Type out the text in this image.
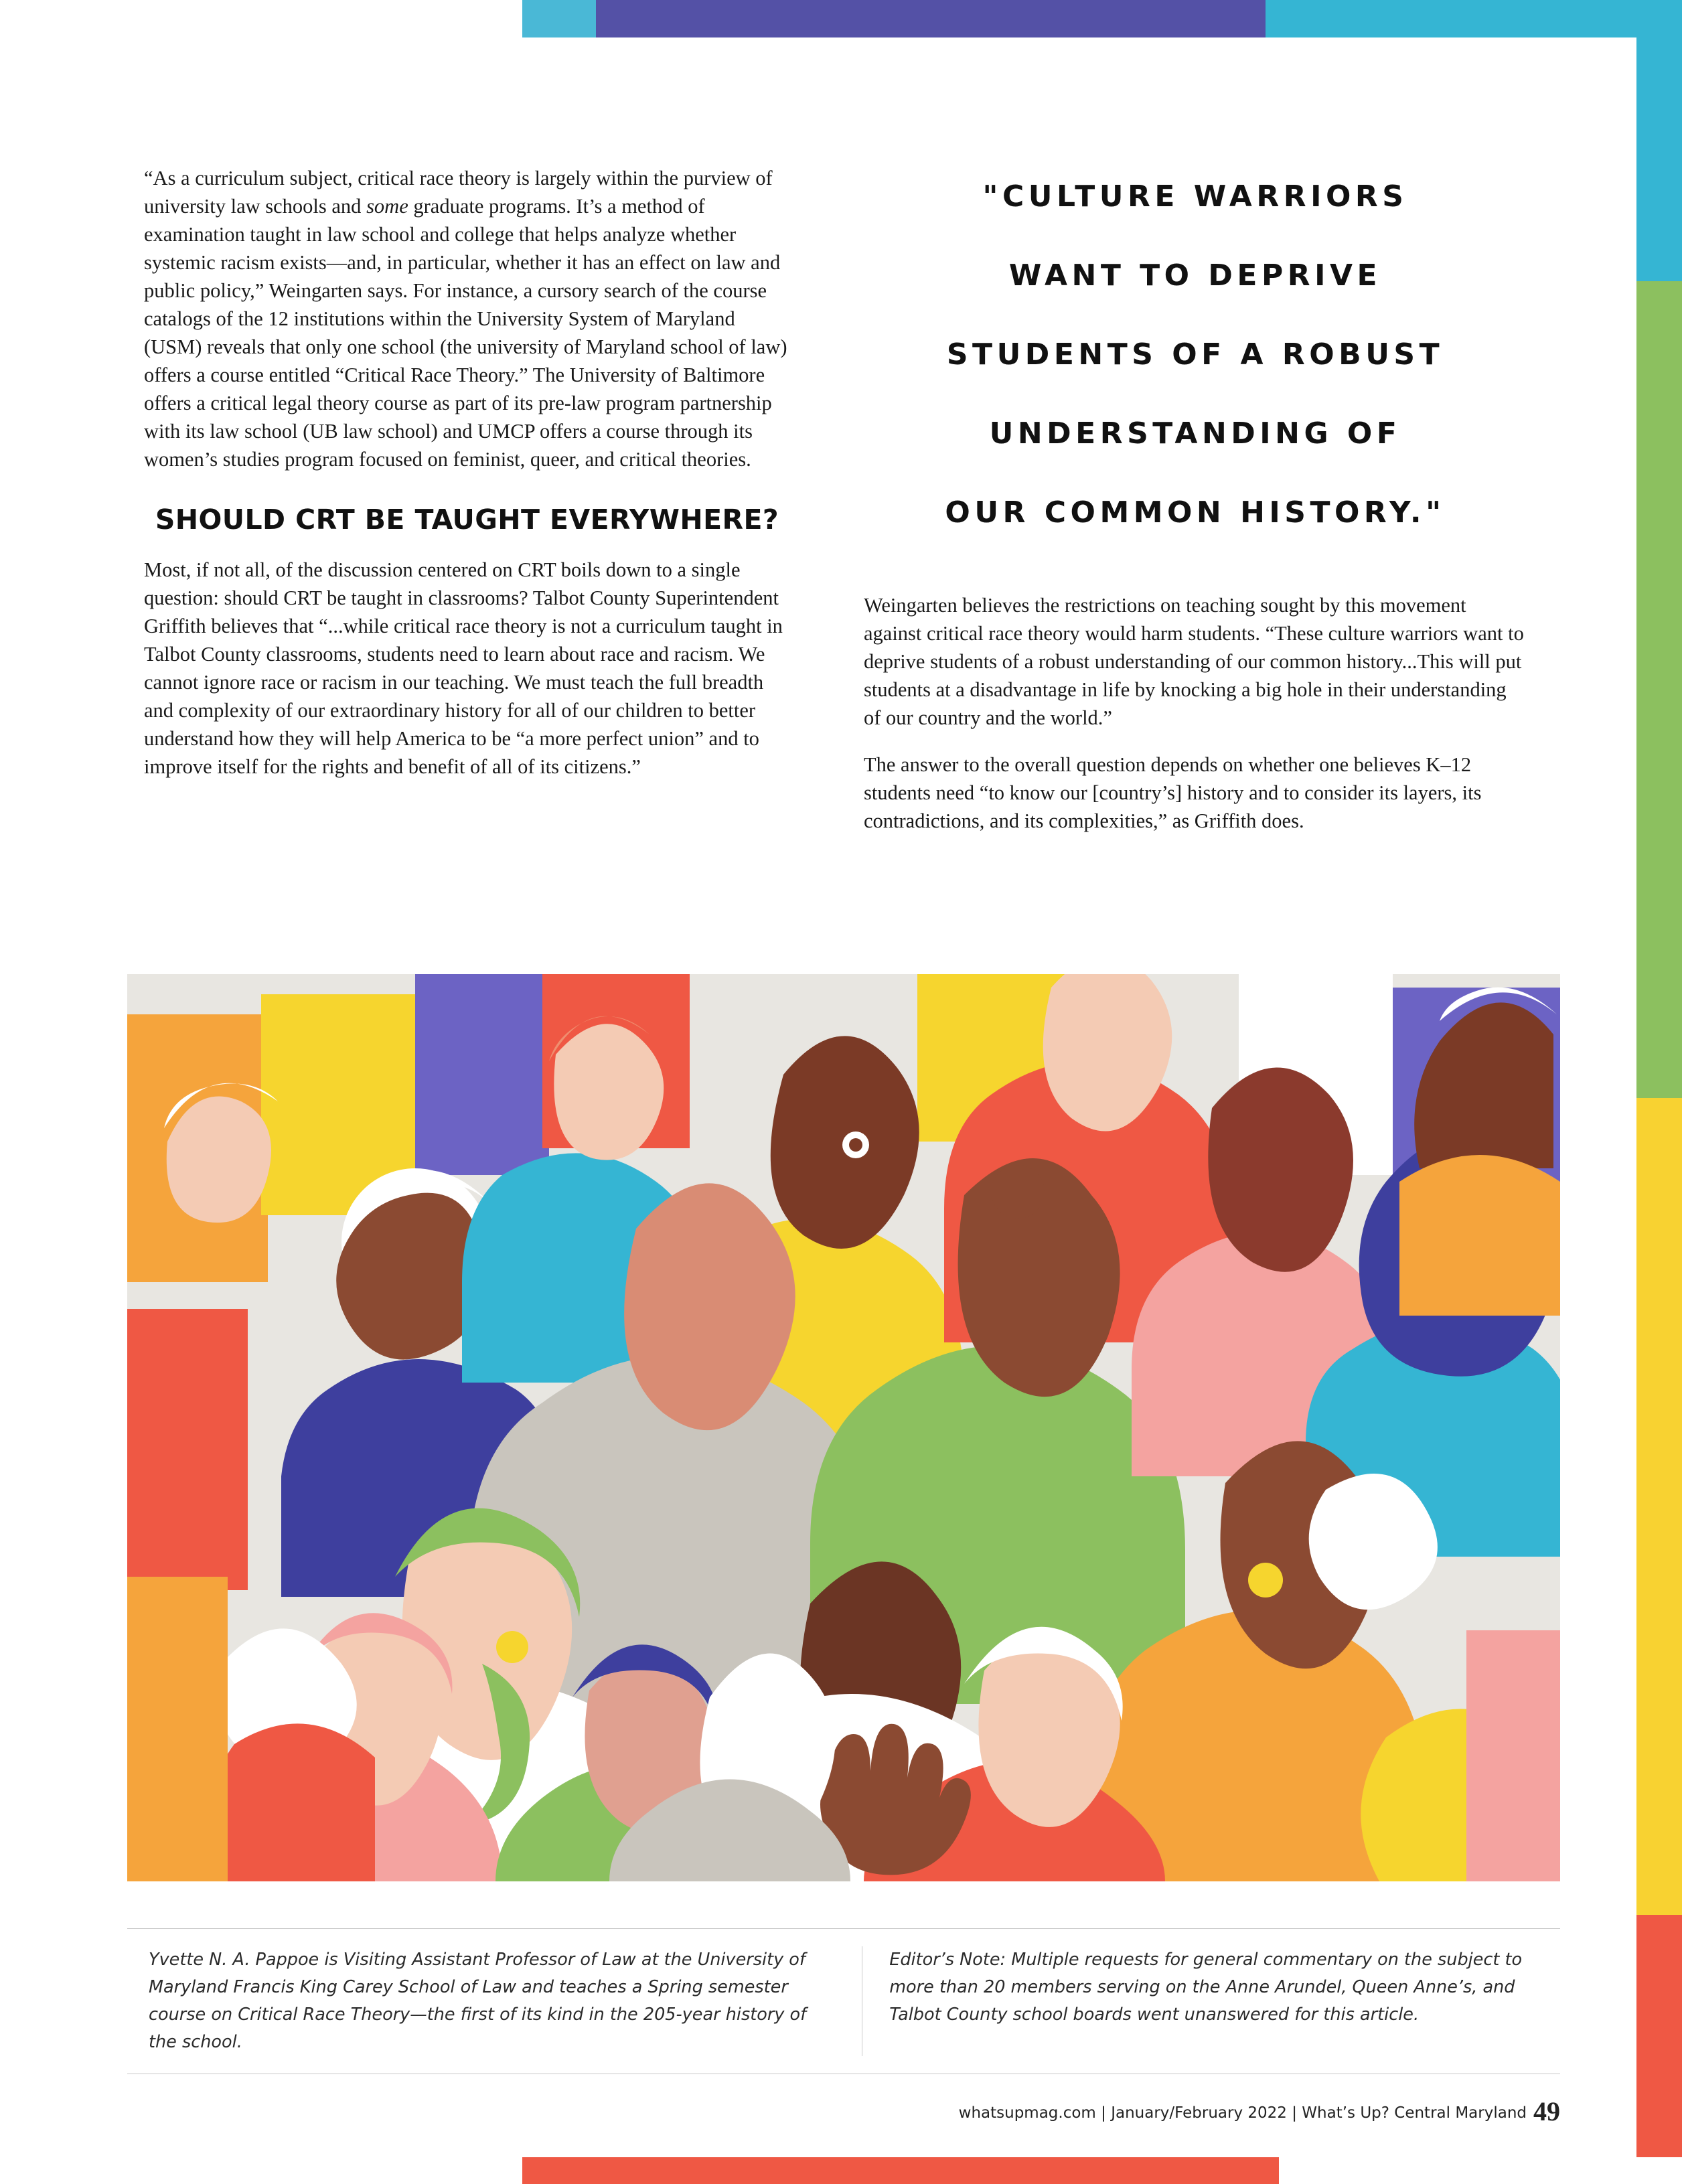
“As a curriculum subject, critical race theory is largely within the purview of university law schools and some graduate programs. It’s a method of examination taught in law school and college that helps analyze whether systemic racism exists—and, in particular, whether it has an effect on law and public policy,” Weingarten says. For instance, a cursory search of the course catalogs of the 12 institutions within the University System of Maryland (USM) reveals that only one school (the university of Maryland school of law) offers a course entitled “Critical Race Theory.” The University of Baltimore offers a critical legal theory course as part of its pre-law program partnership with its law school (UB law school) and UMCP offers a course through its women’s studies program focused on feminist, queer, and critical theories.

SHOULD CRT BE TAUGHT EVERYWHERE?

Most, if not all, of the discussion centered on CRT boils down to a single question: should CRT be taught in classrooms? Talbot County Superintendent Griffith believes that “...while critical race theory is not a curriculum taught in Talbot County classrooms, students need to learn about race and racism. We cannot ignore race or racism in our teaching. We must teach the full breadth and complexity of our extraordinary history for all of our children to better understand how they will help America to be “a more perfect union” and to improve itself for the rights and benefit of all of its citizens.”

"CULTURE WARRIORS
WANT TO DEPRIVE
STUDENTS OF A ROBUST
UNDERSTANDING OF
OUR COMMON HISTORY."

Weingarten believes the restrictions on teaching sought by this movement against critical race theory would harm students. “These culture warriors want to deprive students of a robust understanding of our common history...This will put students at a disadvantage in life by knocking a big hole in their understanding of our country and the world.”

The answer to the overall question depends on whether one believes K–12 students need “to know our [country’s] history and to consider its layers, its contradictions, and its complexities,” as Griffith does.

Yvette N. A. Pappoe is Visiting Assistant Professor of Law at the University of Maryland Francis King Carey School of Law and teaches a Spring semester course on Critical Race Theory—the first of its kind in the 205-year history of the school.
Editor’s Note: Multiple requests for general commentary on the subject to more than 20 members serving on the Anne Arundel, Queen Anne’s, and Talbot County school boards went unanswered for this article.
whatsupmag.com | January/February 2022 | What’s Up? Central Maryland 49
